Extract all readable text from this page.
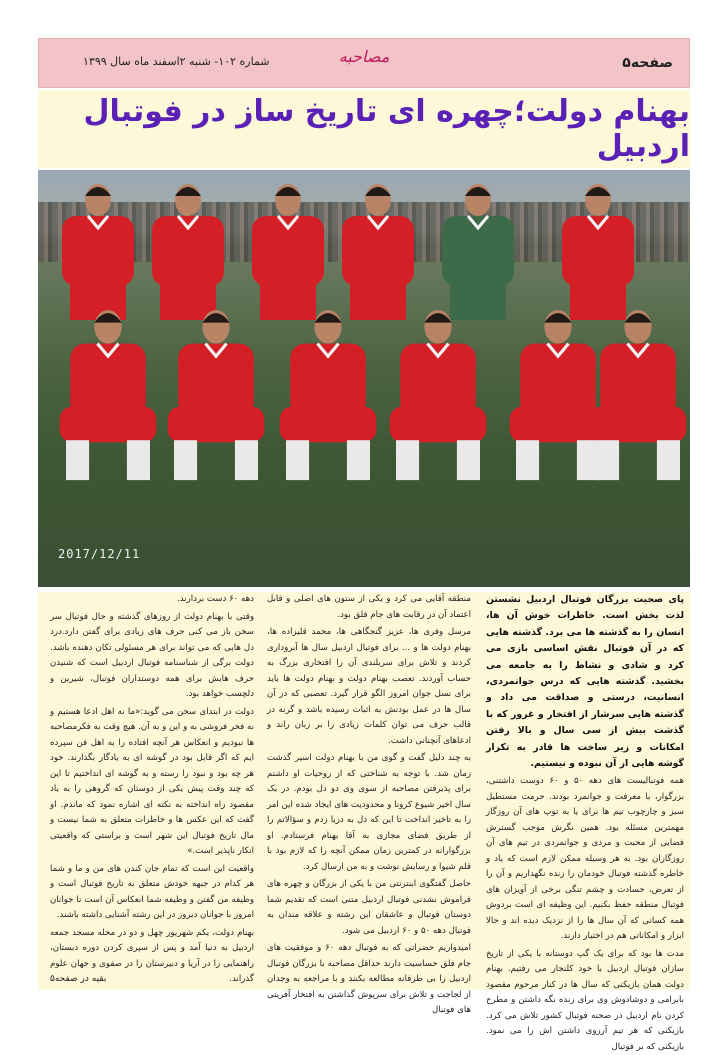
صفحه۵
مصاحبه
شماره ۱۰۲- شنبه ۲اسفند ماه سال ۱۳۹۹
بهنام دولت؛چهره ای تاریخ ساز در فوتبال اردبیل
2017/12/11

پای صحبت بزرگان فوتبال اردبیل نشستن لذت بخش است. خاطرات خوش آن ها، انسان را به گذشته ها می برد. گذشته هایی که در آن فوتبال نقش اساسی بازی می کرد و شادی و نشاط را به جامعه می بخشید. گذشته هایی که درس جوانمردی، انسانیت، درستی و صداقت می داد و گذشته هایی سرشار از افتخار و غرور که با گذشت بیش از سی سال و بالا رفتن امکانات و زیر ساخت ها قادر به تکرار گوشه هایی از آن نبوده و نیستیم.

همه فوتبالیست های دهه ۵۰ و ۶۰ دوست داشتنی، بزرگوار، با معرفت و جوانمرد بودند. حرمت مستطیل سبز و چارچوب تیم ها برای یا به توپ های آن روزگار مهمترین مسئله بود. همین نگرش موجب گسترش فضایی از محبت و مردی و جوانمردی در تیم های آن روزگاران بود. به هر وسیله ممکن لازم است که یاد و خاطره گذشته فوتبال خودمان را زنده نگهداریم و آن را از تعرض، حسادت و چشم تنگی برخی از آویزان های فوتبال منطقه حفظ بکنیم. این وظیفه ای است بردوش همه کسانی که آن سال ها را از نزدیک دیده اند و حالا ابزار و امکاناتی هم در اختیار دارند.

مدت ها بود که برای یک گپ دوستانه با یکی از تاریخ سازان فوتبال اردبیل با خود کلنجار می رفتیم. بهنام دولت همان بازیکنی که سال ها در کنار مرحوم مقصود بابرامی و دوشادوش وی برای زنده نگه داشتن و مطرح کردن نام اردبیل در صحنه فوتبال کشور تلاش می کرد. بازیکنی که هر تیم آرزوی داشتن اش را می نمود. بازیکنی که بر فوتبال

منطقه آقایی می کرد و یکی از ستون های اصلی و قابل اعتماد آن در رقابت های جام فلق بود.

مرسل وفری ها، عزیز گنجگاهی ها، محمد قلیزاده ها، بهنام دولت ها و ... برای فوتبال اردبیل سال ها آبروداری کردند و تلاش برای سربلندی آن را افتخاری بزرگ به حساب آوردند. تعصب بهنام دولت و بهنام دولت ها باید برای نسل جوان امروز الگو قرار گیرد. تعصبی که در آن سال ها در عمل بودنش به اثبات رسیده باشد و گرنه در قالب حرف می توان کلمات زیادی را بر زبان راند و ادعاهای آنچنانی داشت.

به چند دلیل گفت و گوی من با بهنام دولت اسیر گذشت زمان شد. با توجه به شناختی که از روحیات او داشتم برای پذیرفتن مصاحبه از سوی وی دو دل بودم. در یک سال اخیر شیوع کرونا و محدودیت های ایجاد شده این امر را به تاخیر انداخت تا این که دل به دریا زدم و سؤالاتم را از طریق فضای مجازی به آقا بهنام فرستادم. او بزرگوارانه در کمترین زمان ممکن آنچه را که لازم بود با قلم شیوا و رسایش نوشت و به من ارسال کرد.

حاصل گفتگوی اینترنتی من با یکی از بزرگان و چهره های فراموش نشدنی فوتبال اردبیل متنی است که تقدیم شما دوستان فوتبال و عاشقان این رشته و علاقه مندان به فوتبال دهه ۵۰ و ۶۰ اردبیل می شود.

امیدواریم حضراتی که به فوتبال دهه ۶۰ و موفقیت های جام فلق حساسیت دارند حداقل مصاحبه با بزرگان فوتبال اردبیل را بی طرفانه مطالعه بکنند و با مراجعه به وجدان از لجاجت و تلاش برای سرپوش گذاشتن به افتخار آفرینی های فوتبال

دهه ۶۰ دست بردارند.

وقتی با بهنام دولت از روزهای گذشته و حال فوتبال سر سخن باز می کنی حرف های زیادی برای گفتن دارد.درد دل هایی که می تواند برای هر مسئولی تکان دهنده باشد. دولت برگی از شناسنامه فوتبال اردبیل است که شنیدن حرف هایش برای همه دوستداران فوتبال، شیرین و دلچسب خواهد بود.

دولت در ابتدای سخن می گوید:«ما نه اهل ادعا هستیم و نه فخر فروشی به و این و به آن. هیچ وقت به فکرمصاحبه ها نبودیم و انعکاس هر آنچه افتاده را به اهل فن سپرده ایم که اگر قابل بود در گوشه ای به یادگار بگذارند. خود هر چه بود و نبود را رسته و به گوشه ای انداختیم تا این که چند وقت پیش یکی از دوستان که گروهی را به یاد مقصود راه انداخته به نکته ای اشاره نمود که ماندم. او گفت که این عکس ها و خاطرات متعلق به شما نیست و مال تاریخ فوتبال این شهر است و براستی که واقعیتی انکار ناپذیر است.»

واقعیت این است که تمام جان کندن های من و ما و شما هر کدام در جبهه خودش متعلق به تاریخ فوتبال است و وظیفه من گفتن و وظیفه شما انعکاس آن است تا جوانان امروز با جوانان دیروز در این رشته آشنایی داشته باشند.

بهنام دولت، یکم شهریور چهل و دو در محله مسجد جمعه اردبیل به دنیا آمد و پس از سپری کردن دوره دبستان، راهنمایی را در آریا و دبیرستان را در صفوی و جهان علوم گذراند.

بقیه در صفحه۵
